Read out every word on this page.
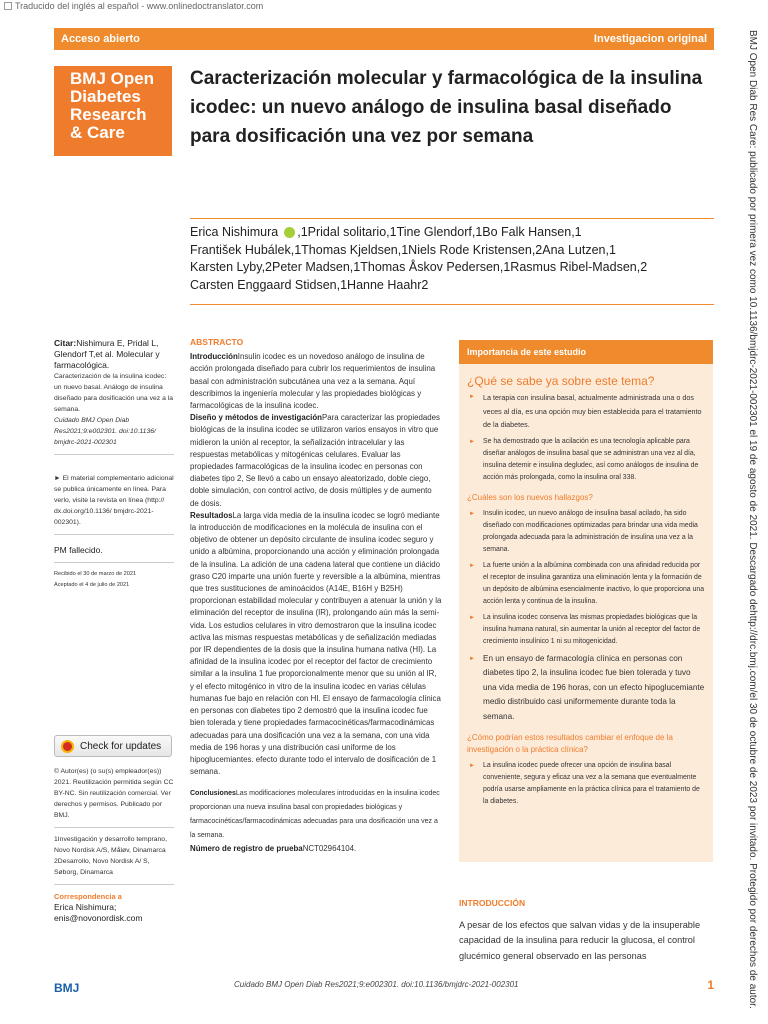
Traducido del inglés al español - www.onlinedoctranslator.com
Acceso abierto	Investigacion original
BMJ Open
Diabetes
Research
& Care
Caracterización molecular y farmacológica de la insulina icodec: un nuevo análogo de insulina basal diseñado para dosificación una vez por semana
Erica Nishimura ,1Pridal solitario,1Tine Glendorf,1Bo Falk Hansen,1
František Hubálek,1Thomas Kjeldsen,1Niels Rode Kristensen,2Ana Lutzen,1
Karsten Lyby,2Peter Madsen,1Thomas Åskov Pedersen,1Rasmus Ribel-Madsen,2
Carsten Enggaard Stidsen,1Hanne Haahr2	BMJ Open Diab Res Care: publicado por primera vez como 10.1136/bmjdrc-2021-002301 el 19 de agosto de 2021. Descargado dehttp://drc.bmj.com/el 30 de octubre de 2023 por invitado. Protegido por derechos de autor.
Citar:Nishimura E, Pridal L, Glendorf T,et al. Molecular y farmacológica.
Caracterización de la insulina icodec: un nuevo basal. Análogo de insulina diseñado para dosificación una vez a la semana.
Cuidado BMJ Open Diab Res2021;9:e002301. doi:10.1136/ bmjdrc-2021-002301
► El material complementario adicional se publica únicamente en línea. Para verlo, visite la revista en línea (http:// dx.doi.org/10.1136/ bmjdrc-2021-002301).
PM fallecido.
Recibido el 30 de marzo de 2021
Aceptado el 4 de julio de 2021
Check for updates
© Autor(es) (o su(s) empleador(es)) 2021. Reutilización permitida según CC BY-NC. Sin reutilización comercial. Ver derechos y permisos. Publicado por BMJ.
1Investigación y desarrollo temprano, Novo Nordisk A/S, Måløv, Dinamarca
2Desarrollo, Novo Nordisk A/ S, Søborg, Dinamarca
Correspondencia a
Erica Nishimura;
enis@novonordisk.com
ABSTRACTO

IntroducciónInsulin icodec es un novedoso análogo de insulina de acción prolongada diseñado para cubrir los requerimientos de insulina basal con administración subcutánea una vez a la semana. Aquí describimos la ingeniería molecular y las propiedades biológicas y farmacológicas de la insulina icodec.

Diseño y métodos de investigaciónPara caracterizar las propiedades biológicas de la insulina icodec se utilizaron varios ensayos in vitro que midieron la unión al receptor, la señalización intracelular y las respuestas metabólicas y mitogénicas celulares. Evaluar las propiedades farmacológicas de la insulina icodec en personas con diabetes tipo 2, Se llevó a cabo un ensayo aleatorizado, doble ciego, doble simulación, con control activo, de dosis múltiples y de aumento de dosis.

ResultadosLa larga vida media de la insulina icodec se logró mediante la introducción de modificaciones en la molécula de insulina con el objetivo de obtener un depósito circulante de insulina icodec seguro y unido a albúmina, proporcionando una acción y eliminación prolongada de la insulina. La adición de una cadena lateral que contiene un diácido graso C20 imparte una unión fuerte y reversible a la albúmina, mientras que tres sustituciones de aminoácidos (A14E, B16H y B25H) proporcionan estabilidad molecular y contribuyen a atenuar la unión y la eliminación del receptor de insulina (IR), prolongando aún más la semi- vida. Los estudios celulares in vitro demostraron que la insulina icodec activa las mismas respuestas metabólicas y de señalización mediadas por IR dependientes de la dosis que la insulina humana nativa (HI). La afinidad de la insulina icodec por el receptor del factor de crecimiento similar a la insulina 1 fue proporcionalmente menor que su unión al IR, y el efecto mitogénico in vitro de la insulina icodec en varias células humanas fue bajo en relación con HI. El ensayo de farmacología clínica en personas con diabetes tipo 2 demostró que la insulina icodec fue bien tolerada y tiene propiedades farmacocinéticas/farmacodinámicas adecuadas para una dosificación una vez a la semana, con una vida media de 196 horas y una distribución casi uniforme de los hipoglucemiantes. efecto durante todo el intervalo de dosificación de 1 semana.

ConclusionesLas modificaciones moleculares introducidas en la insulina icodec proporcionan una nueva insulina basal con propiedades biológicas y farmacocinéticas/farmacodinámicas adecuadas para una dosificación una vez a la semana.

Número de registro de pruebaNCT02964104.

Importancia de este estudio
¿Qué se sabe ya sobre este tema?
► La terapia con insulina basal, actualmente administrada una o dos veces al día, es una opción muy bien establecida para el tratamiento de la diabetes.
► Se ha demostrado que la acilación es una tecnología aplicable para diseñar análogos de insulina basal que se administran una vez al día, insulina detemir e insulina degludec, así como análogos de insulina de acción más prolongada, como la insulina oral 338.
¿Cuáles son los nuevos hallazgos?
► Insulin icodec, un nuevo análogo de insulina basal acilado, ha sido diseñado con modificaciones optimizadas para brindar una vida media prolongada adecuada para la administración de insulina una vez a la semana.
► La fuerte unión a la albúmina combinada con una afinidad reducida por el receptor de insulina garantiza una eliminación lenta y la formación de un depósito de albúmina esencialmente inactivo, lo que proporciona una acción lenta y continua de la insulina.
► La insulina icodec conserva las mismas propiedades biológicas que la insulina humana natural, sin aumentar la unión al receptor del factor de crecimiento insulínico 1 ni su mitogenicidad.
► En un ensayo de farmacología clínica en personas con diabetes tipo 2, la insulina icodec fue bien tolerada y tuvo una vida media de 196 horas, con un efecto hipoglucemiante medio distribuido casi uniformemente durante toda la semana.
¿Cómo podrían estos resultados cambiar el enfoque de la investigación o la práctica clínica?
► La insulina icodec puede ofrecer una opción de insulina basal conveniente, segura y eficaz una vez a la semana que eventualmente podría usarse ampliamente en la práctica clínica para el tratamiento de la diabetes.
INTRODUCCIÓN
A pesar de los efectos que salvan vidas y de la insuperable capacidad de la insulina para reducir la glucosa, el control glucémico general observado en las personas
BMJ	Cuidado BMJ Open Diab Res2021;9:e002301. doi:10.1136/bmjdrc-2021-002301	1
